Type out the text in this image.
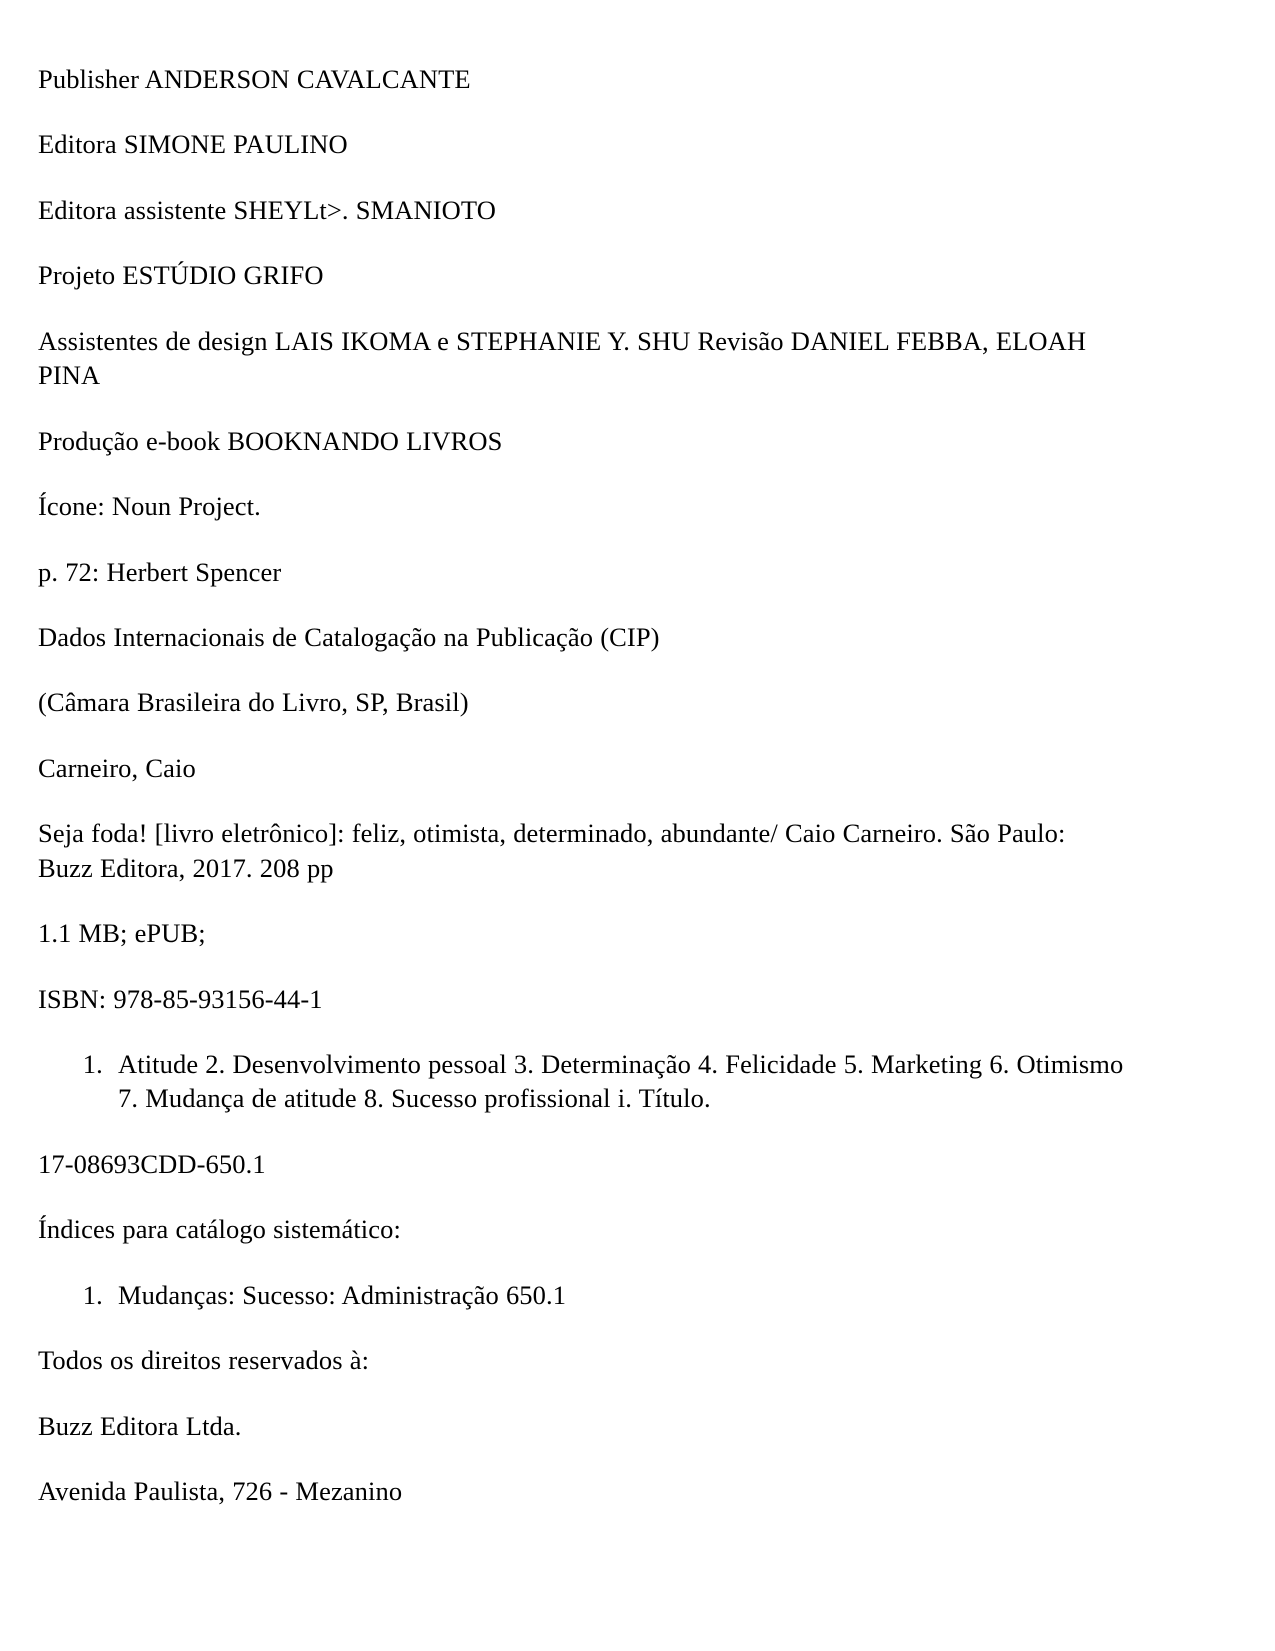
Publisher ANDERSON CAVALCANTE

Editora SIMONE PAULINO

Editora assistente SHEYLt>. SMANIOTO

Projeto ESTÚDIO GRIFO

Assistentes de design LAIS IKOMA e STEPHANIE Y. SHU Revisão DANIEL FEBBA, ELOAH PINA

Produção e-book BOOKNANDO LIVROS

Ícone: Noun Project.

p. 72: Herbert Spencer

Dados Internacionais de Catalogação na Publicação (CIP)

(Câmara Brasileira do Livro, SP, Brasil)

Carneiro, Caio

Seja foda! [livro eletrônico]: feliz, otimista, determinado, abundante/ Caio Carneiro. São Paulo: Buzz Editora, 2017. 208 pp

1.1 MB; ePUB;

ISBN: 978-85-93156-44-1

1. Atitude 2. Desenvolvimento pessoal 3. Determinação 4. Felicidade 5. Marketing 6. Otimismo 7. Mudança de atitude 8. Sucesso profissional i. Título.

17-08693CDD-650.1

Índices para catálogo sistemático:

1. Mudanças: Sucesso: Administração 650.1

Todos os direitos reservados à:

Buzz Editora Ltda.

Avenida Paulista, 726 - Mezanino
